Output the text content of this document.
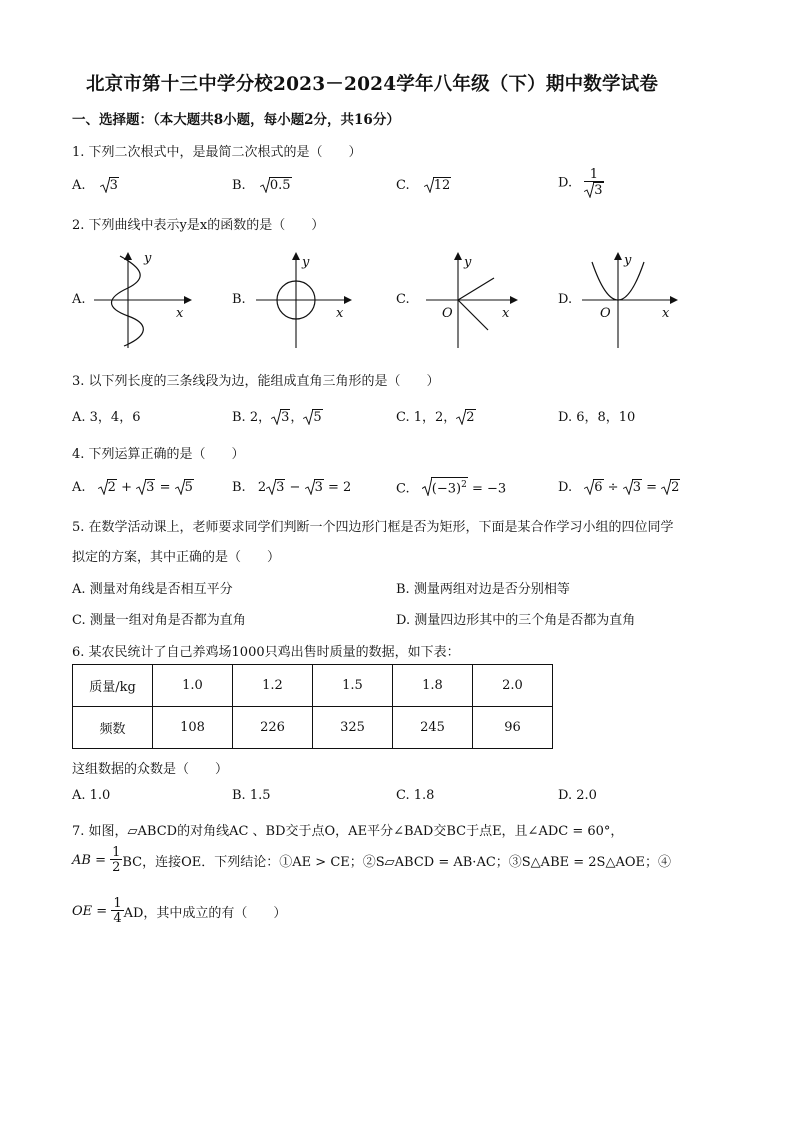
北京市第十三中学分校2023－2024学年八年级（下）期中数学试卷
一、选择题：（本大题共8小题，每小题2分，共16分）
1. 下列二次根式中，是最简二次根式的是（　　）
A. 3	B. 0.5	C. 12	D. $\frac{1}{3}$
2. 下列曲线中表示y是x的函数的是（　　）
A.
y
x
B.
y
x
C.
y
O	x
D.
y
O	x
3. 以下列长度的三条线段为边，能组成直角三角形的是（　　）
A. 3，4，6	B. 2， 3， 5	C. 1，2， 2	D. 6，8，10
4. 下列运算正确的是（　　）
A. 2 + 3 = 5	B. 2 3 − 3 = 2	C. $(-3)^2 = -3$	D. 6 ÷ 3 = 2
5. 在数学活动课上，老师要求同学们判断一个四边形门框是否为矩形，下面是某合作学习小组的四位同学
拟定的方案，其中正确的是（　　）
A. 测量对角线是否相互平分	B. 测量两组对边是否分别相等
C. 测量一组对角是否都为直角	D. 测量四边形其中的三个角是否都为直角
6. 某农民统计了自己养鸡场1000只鸡出售时质量的数据，如下表：
质量/kg	1.0	1.2	1.5	1.8	2.0
频数	108	226	325	245	96
这组数据的众数是（　　）
A. 1.0	B. 1.5	C. 1.8	D. 2.0
7. 如图，▱ABCD的对角线AC 、BD交于点O，AE平分∠BAD交BC于点E，且∠ADC = 60°，
AB = $\frac{1}{2}$ BC，连接OE．下列结论：①AE > CE；②S▱ABCD = AB·AC；③S△ABE = 2S△AOE；④
OE = $\frac{1}{4}$ AD，其中成立的有（　　）
